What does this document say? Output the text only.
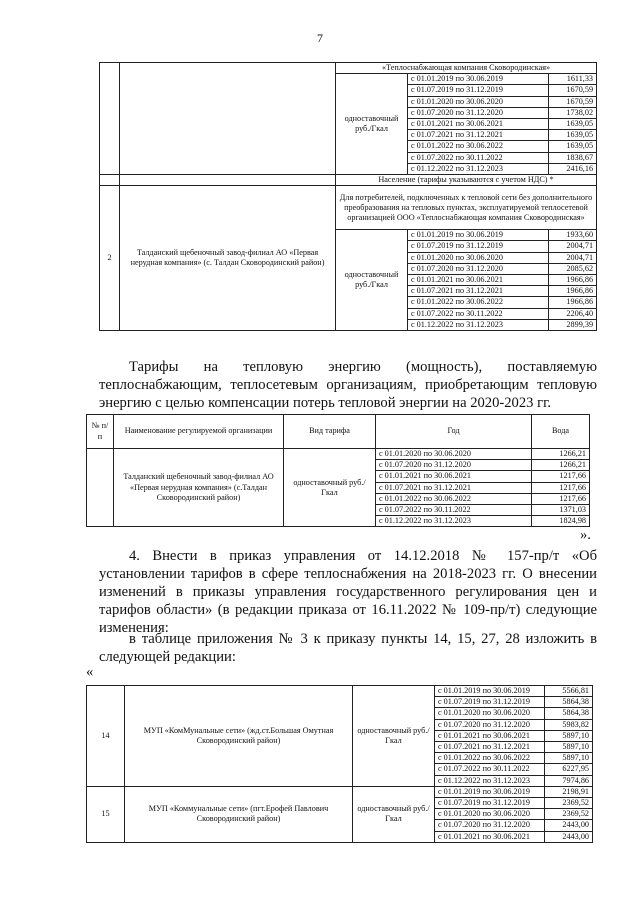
7
		«Теплоснабжающая компания Сковородинская»		
		одноставочный руб./Гкал	с 01.01.2019 по 30.06.2019	1611,33
			с 01.07.2019 по 31.12.2019	1670,59
			с 01.01.2020 по 30.06.2020	1670,59
			с 01.07.2020 по 31.12.2020	1738,02
			с 01.01.2021 по 30.06.2021	1639,05
			с 01.07.2021 по 31.12.2021	1639,05
			с 01.01.2022 по 30.06.2022	1639,05
			с 01.07.2022 по 30.11.2022	1838,67
			с 01.12.2022 по 31.12.2023	2416,16
		Население (тарифы указываются с учетом НДС) *		
2	Талданский щебеночный завод-филиал АО «Первая нерудная компания» (с. Талдан Сковородинский район)	Для потребителей, подключенных к тепловой сети без дополнительного преобразования на тепловых пунктах, эксплуатируемой теплосетевой организацией ООО «Теплоснабжающая компания Сковородинская»		
		одноставочный руб./Гкал	с 01.01.2019 по 30.06.2019	1933,60
			с 01.07.2019 по 31.12.2019	2004,71
			с 01.01.2020 по 30.06.2020	2004,71
			с 01.07.2020 по 31.12.2020	2085,62
			с 01.01.2021 по 30.06.2021	1966,86
			с 01.07.2021 по 31.12.2021	1966,86
			с 01.01.2022 по 30.06.2022	1966,86
			с 01.07.2022 по 30.11.2022	2206,40
			с 01.12.2022 по 31.12.2023	2899,39
Тарифы на тепловую энергию (мощность), поставляемую теплоснабжающим, теплосетевым организациям, приобретающим тепловую энергию с целью компенсации потерь тепловой энергии на 2020-2023 гг.
№ п/п	Наименование регулируемой организации	Вид тарифа	Год	Вода
	Талданский щебеночный завод-филиал АО «Первая нерудная компания» (с.Талдан Сковородинский район)	одноставочный руб./Гкал	с 01.01.2020 по 30.06.2020	1266,21
			с 01.07.2020 по 31.12.2020	1266,21
			с 01.01.2021 по 30.06.2021	1217,66
			с 01.07.2021 по 31.12.2021	1217,66
			с 01.01.2022 по 30.06.2022	1217,66
			с 01.07.2022 по 30.11.2022	1371,03
			с 01.12.2022 по 31.12.2023	1824,98
».
4. Внести в приказ управления от 14.12.2018 № 157-пр/т «Об установлении тарифов в сфере теплоснабжения на 2018-2023 гг. О внесении изменений в приказы управления государственного регулирования цен и тарифов области» (в редакции приказа от 16.11.2022 № 109-пр/т) следующие изменения:
в таблице приложения № 3 к приказу пункты 14, 15, 27, 28 изложить в следующей редакции:
«
14	МУП «КомМунальные сети» (жд.ст.Большая Омутная Сковородинский район)	одноставочный руб./Гкал	с 01.01.2019 по 30.06.2019	5566,81
			с 01.07.2019 по 31.12.2019	5864,38
			с 01.01.2020 по 30.06.2020	5864,38
			с 01.07.2020 по 31.12.2020	5983,82
			с 01.01.2021 по 30.06.2021	5897,10
			с 01.07.2021 по 31.12.2021	5897,10
			с 01.01.2022 по 30.06.2022	5897,10
			с 01.07.2022 по 30.11.2022	6227,95
			с 01.12.2022 по 31.12.2023	7974,86
15	МУП «Коммунальные сети» (пгт.Ерофей Павлович Сковородинский район)	одноставочный руб./Гкал	с 01.01.2019 по 30.06.2019	2198,91
			с 01.07.2019 по 31.12.2019	2369,52
			с 01.01.2020 по 30.06.2020	2369,52
			с 01.07.2020 по 31.12.2020	2443,00
			с 01.01.2021 по 30.06.2021	2443,00
